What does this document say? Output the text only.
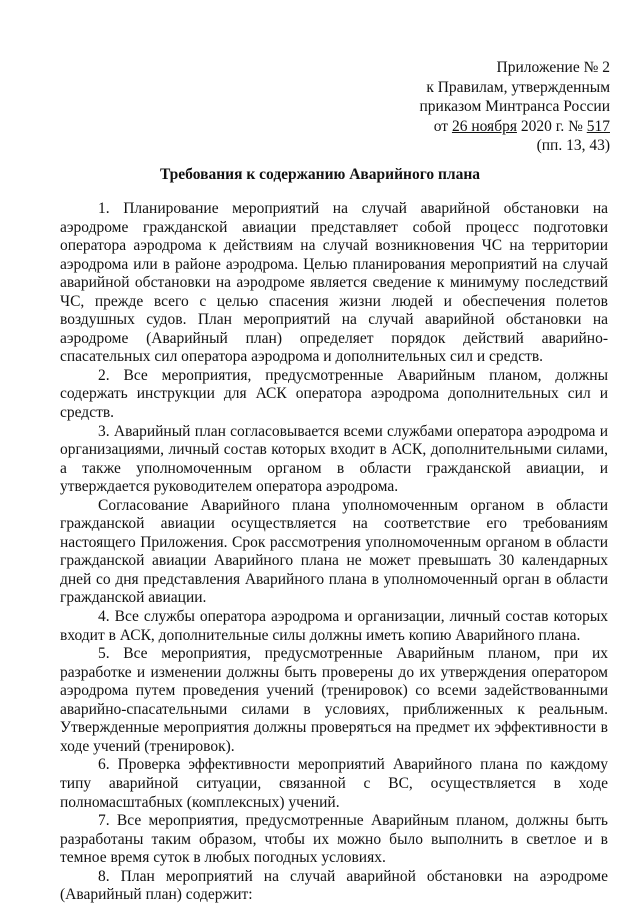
Приложение № 2
к Правилам, утвержденным
приказом Минтранса России
от 26 ноября 2020 г. № 517
(пп. 13, 43)
Требования к содержанию Аварийного плана

1. Планирование мероприятий на случай аварийной обстановки на аэродроме гражданской авиации представляет собой процесс подготовки оператора аэродрома к действиям на случай возникновения ЧС на территории аэродрома или в районе аэродрома. Целью планирования мероприятий на случай аварийной обстановки на аэродроме является сведение к минимуму последствий ЧС, прежде всего с целью спасения жизни людей и обеспечения полетов воздушных судов. План мероприятий на случай аварийной обстановки на аэродроме (Аварийный план) определяет порядок действий аварийно-спасательных сил оператора аэродрома и дополнительных сил и средств.

2. Все мероприятия, предусмотренные Аварийным планом, должны содержать инструкции для АСК оператора аэродрома дополнительных сил и средств.

3. Аварийный план согласовывается всеми службами оператора аэродрома и организациями, личный состав которых входит в АСК, дополнительными силами, а также уполномоченным органом в области гражданской авиации, и утверждается руководителем оператора аэродрома.

Согласование Аварийного плана уполномоченным органом в области гражданской авиации осуществляется на соответствие его требованиям настоящего Приложения. Срок рассмотрения уполномоченным органом в области гражданской авиации Аварийного плана не может превышать 30 календарных дней со дня представления Аварийного плана в уполномоченный орган в области гражданской авиации.

4. Все службы оператора аэродрома и организации, личный состав которых входит в АСК, дополнительные силы должны иметь копию Аварийного плана.

5. Все мероприятия, предусмотренные Аварийным планом, при их разработке и изменении должны быть проверены до их утверждения оператором аэродрома путем проведения учений (тренировок) со всеми задействованными аварийно-спасательными силами в условиях, приближенных к реальным. Утвержденные мероприятия должны проверяться на предмет их эффективности в ходе учений (тренировок).

6. Проверка эффективности мероприятий Аварийного плана по каждому типу аварийной ситуации, связанной с ВС, осуществляется в ходе полномасштабных (комплексных) учений.

7. Все мероприятия, предусмотренные Аварийным планом, должны быть разработаны таким образом, чтобы их можно было выполнить в светлое и в темное время суток в любых погодных условиях.

8. План мероприятий на случай аварийной обстановки на аэродроме (Аварийный план) содержит:
